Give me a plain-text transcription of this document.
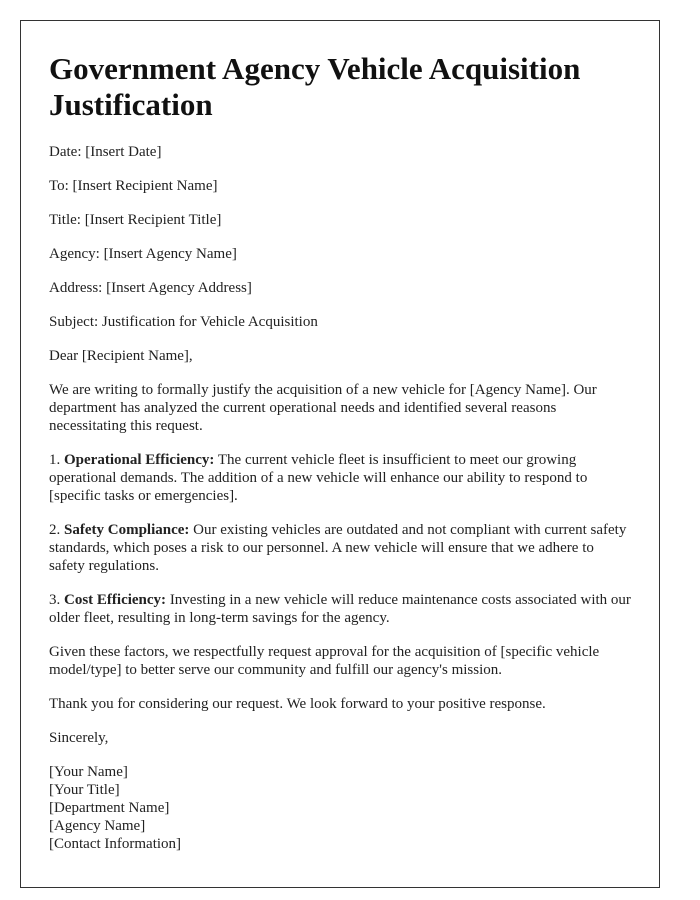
Government Agency Vehicle Acquisition Justification

Date: [Insert Date]

To: [Insert Recipient Name]

Title: [Insert Recipient Title]

Agency: [Insert Agency Name]

Address: [Insert Agency Address]

Subject: Justification for Vehicle Acquisition

Dear [Recipient Name],

We are writing to formally justify the acquisition of a new vehicle for [Agency Name]. Our department has analyzed the current operational needs and identified several reasons necessitating this request.

1. Operational Efficiency: The current vehicle fleet is insufficient to meet our growing operational demands. The addition of a new vehicle will enhance our ability to respond to [specific tasks or emergencies].

2. Safety Compliance: Our existing vehicles are outdated and not compliant with current safety standards, which poses a risk to our personnel. A new vehicle will ensure that we adhere to safety regulations.

3. Cost Efficiency: Investing in a new vehicle will reduce maintenance costs associated with our older fleet, resulting in long-term savings for the agency.

Given these factors, we respectfully request approval for the acquisition of [specific vehicle model/type] to better serve our community and fulfill our agency's mission.

Thank you for considering our request. We look forward to your positive response.

Sincerely,

[Your Name]

[Your Title]

[Department Name]

[Agency Name]

[Contact Information]
